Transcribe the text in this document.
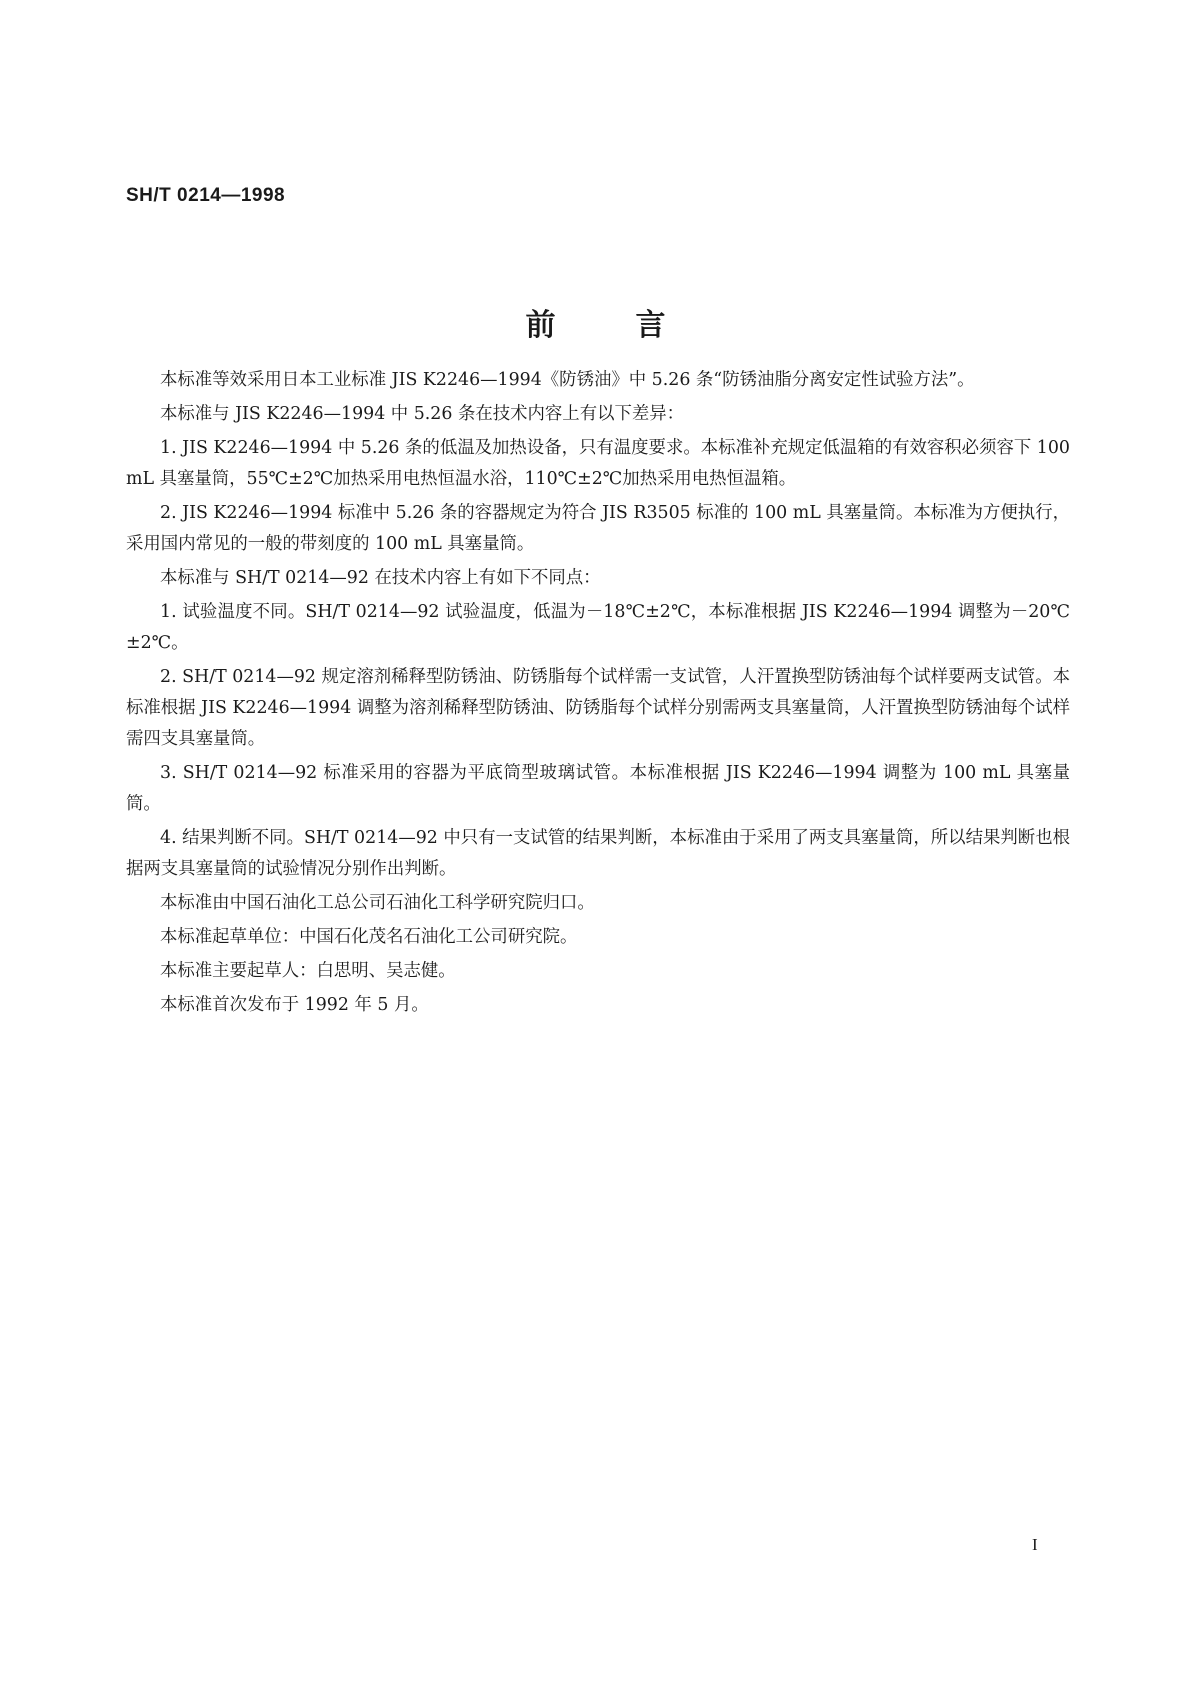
SH/T 0214—1998
前言

本标准等效采用日本工业标准 JIS K2246—1994《防锈油》中 5.26 条“防锈油脂分离安定性试验方法”。

本标准与 JIS K2246—1994 中 5.26 条在技术内容上有以下差异：

1. JIS K2246—1994 中 5.26 条的低温及加热设备，只有温度要求。本标准补充规定低温箱的有效容积必须容下 100 mL 具塞量筒，55℃±2℃加热采用电热恒温水浴，110℃±2℃加热采用电热恒温箱。

2. JIS K2246—1994 标准中 5.26 条的容器规定为符合 JIS R3505 标准的 100 mL 具塞量筒。本标准为方便执行，采用国内常见的一般的带刻度的 100 mL 具塞量筒。

本标准与 SH/T 0214—92 在技术内容上有如下不同点：

1. 试验温度不同。SH/T 0214—92 试验温度，低温为－18℃±2℃，本标准根据 JIS K2246—1994 调整为－20℃±2℃。

2. SH/T 0214—92 规定溶剂稀释型防锈油、防锈脂每个试样需一支试管，人汗置换型防锈油每个试样要两支试管。本标准根据 JIS K2246—1994 调整为溶剂稀释型防锈油、防锈脂每个试样分别需两支具塞量筒，人汗置换型防锈油每个试样需四支具塞量筒。

3. SH/T 0214—92 标准采用的容器为平底筒型玻璃试管。本标准根据 JIS K2246—1994 调整为 100 mL 具塞量筒。

4. 结果判断不同。SH/T 0214—92 中只有一支试管的结果判断，本标准由于采用了两支具塞量筒，所以结果判断也根据两支具塞量筒的试验情况分别作出判断。

本标准由中国石油化工总公司石油化工科学研究院归口。

本标准起草单位：中国石化茂名石油化工公司研究院。

本标准主要起草人：白思明、吴志健。

本标准首次发布于 1992 年 5 月。

I
